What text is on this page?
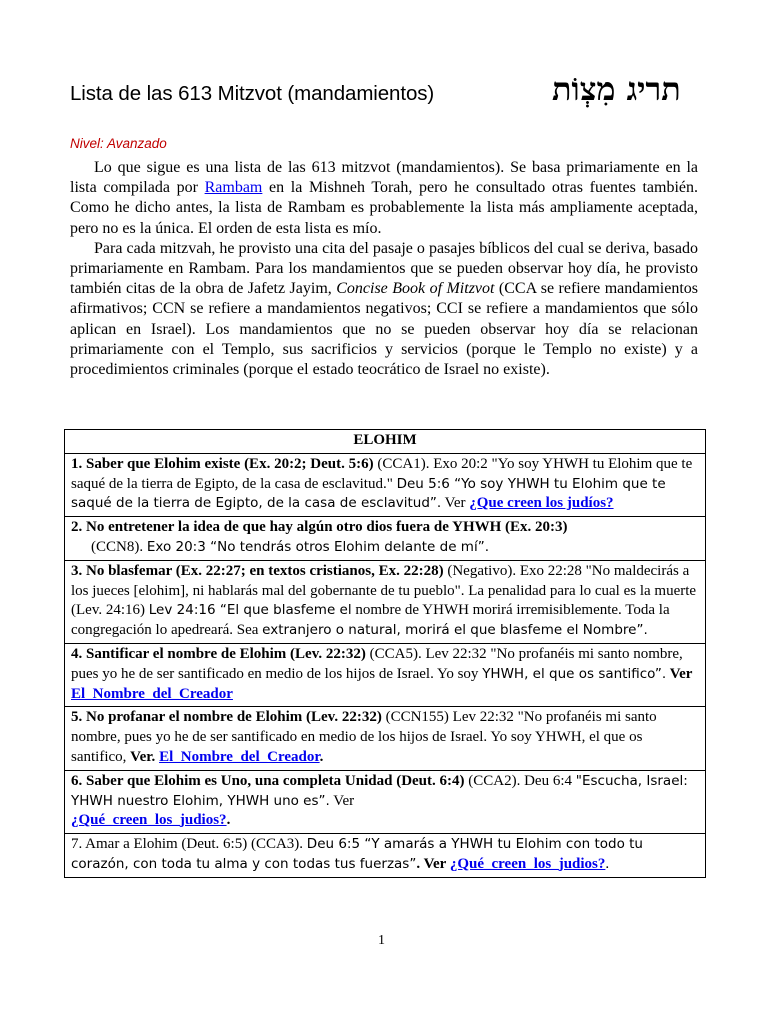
Lista de las 613 Mitzvot (mandamientos)	תריג מִצְוֹת
Nivel: Avanzado

Lo que sigue es una lista de las 613 mitzvot (mandamientos). Se basa primariamente en la lista compilada por Rambam en la Mishneh Torah, pero he consultado otras fuentes también. Como he dicho antes, la lista de Rambam es probablemente la lista más ampliamente aceptada, pero no es la única. El orden de esta lista es mío.

Para cada mitzvah, he provisto una cita del pasaje o pasajes bíblicos del cual se deriva, basado primariamente en Rambam. Para los mandamientos que se pueden observar hoy día, he provisto también citas de la obra de Jafetz Jayim, Concise Book of Mitzvot (CCA se refiere mandamientos afirmativos; CCN se refiere a mandamientos negativos; CCI se refiere a mandamientos que sólo aplican en Israel). Los mandamientos que no se pueden observar hoy día se relacionan primariamente con el Templo, sus sacrificios y servicios (porque le Templo no existe) y a procedimientos criminales (porque el estado teocrático de Israel no existe).

ELOHIM
1. Saber que Elohim existe (Ex. 20:2; Deut. 5:6) (CCA1). Exo 20:2 "Yo soy YHWH tu Elohim que te saqué de la tierra de Egipto, de la casa de esclavitud." Deu 5:6 “Yo soy YHWH tu Elohim que te saqué de la tierra de Egipto, de la casa de esclavitud”. Ver ¿Que creen los judíos?

2. No entretener la idea de que hay algún otro dios fuera de YHWH (Ex. 20:3)
(CCN8). Exo 20:3 “No tendrás otros Elohim delante de mí”.

3. No blasfemar (Ex. 22:27; en textos cristianos, Ex. 22:28) (Negativo). Exo 22:28 "No maldecirás a los jueces [elohim], ni hablarás mal del gobernante de tu pueblo". La penalidad para lo cual es la muerte (Lev. 24:16) Lev 24:16 “El que blasfeme el nombre de YHWH morirá irremisiblemente. Toda la congregación lo apedreará. Sea extranjero o natural, morirá el que blasfeme el Nombre”.
4. Santificar el nombre de Elohim (Lev. 22:32) (CCA5). Lev 22:32 "No profanéis mi santo nombre, pues yo he de ser santificado en medio de los hijos de Israel. Yo soy YHWH, el que os santifico”. Ver El_Nombre_del_Creador
5. No profanar el nombre de Elohim (Lev. 22:32) (CCN155) Lev 22:32 "No profanéis mi santo nombre, pues yo he de ser santificado en medio de los hijos de Israel. Yo soy YHWH, el que os santifico, Ver. El_Nombre_del_Creador.
6. Saber que Elohim es Uno, una completa Unidad (Deut. 6:4) (CCA2). Deu 6:4 "Escucha, Israel: YHWH nuestro Elohim, YHWH uno es”. Ver
¿Qué_creen_los_judios?.
7. Amar a Elohim (Deut. 6:5) (CCA3). Deu 6:5 “Y amarás a YHWH tu Elohim con todo tu corazón, con toda tu alma y con todas tus fuerzas”. Ver ¿Qué_creen_los_judios?.
1
